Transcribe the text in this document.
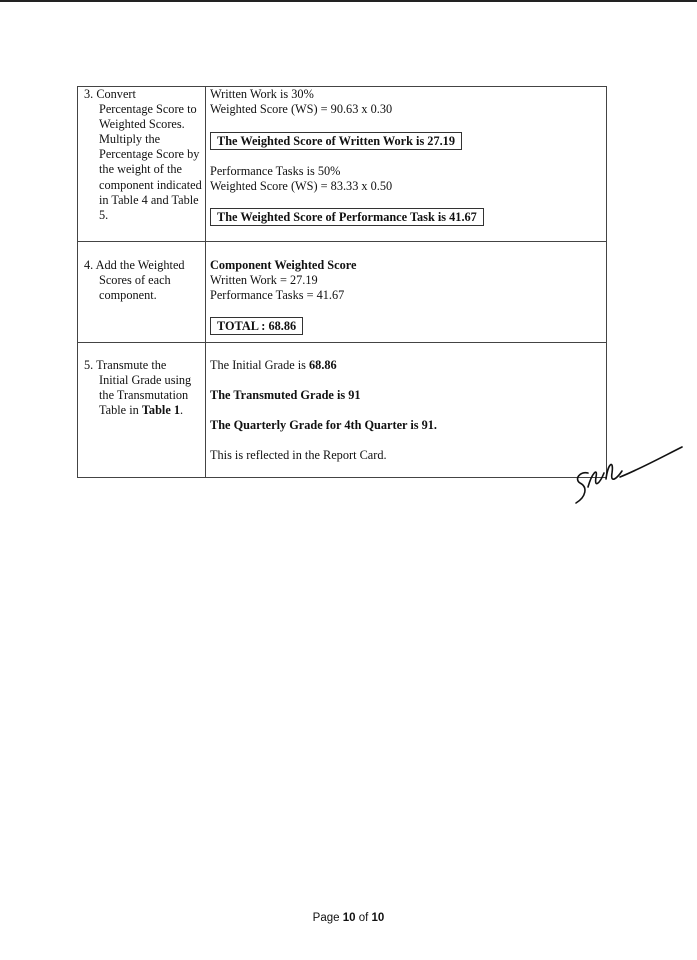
3. Convert
Percentage Score to Weighted Scores. Multiply the Percentage Score by the weight of the component indicated in Table 4 and Table 5.
Written Work is 30%
Weighted Score (WS) = 90.63 x 0.30
The Weighted Score of Written Work is 27.19
Performance Tasks is 50%
Weighted Score (WS) = 83.33 x 0.50
The Weighted Score of Performance Task is 41.67
4. Add the Weighted
Scores of each component.
Component Weighted Score
Written Work = 27.19
Performance Tasks = 41.67
TOTAL : 68.86
5. Transmute the
Initial Grade using the Transmutation Table in Table 1.
The Initial Grade is 68.86
The Transmuted Grade is 91
The Quarterly Grade for 4th Quarter is 91.
This is reflected in the Report Card.
Page 10 of 10
